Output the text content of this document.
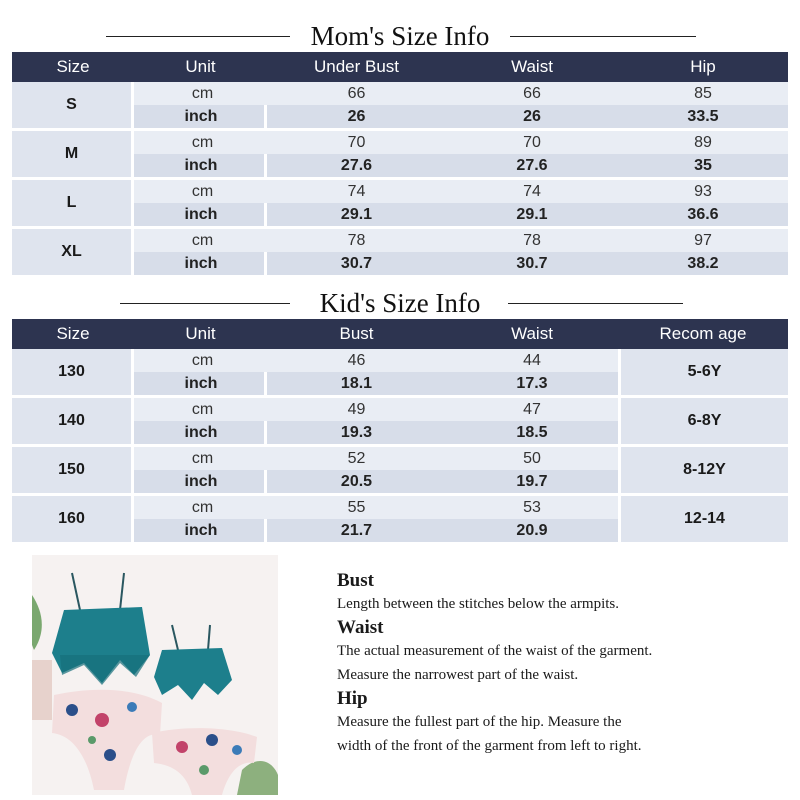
Mom's Size Info
Size	Unit	Under Bust	Waist	Hip
S	cm	66	66	85
	inch	26	26	33.5
M	cm	70	70	89
	inch	27.6	27.6	35
L	cm	74	74	93
	inch	29.1	29.1	36.6
XL	cm	78	78	97
	inch	30.7	30.7	38.2
Kid's Size Info
Size	Unit	Bust	Waist	Recom age
130	cm	46	44	5-6Y
	inch	18.1	17.3	
140	cm	49	47	6-8Y
	inch	19.3	18.5	
150	cm	52	50	8-12Y
	inch	20.5	19.7	
160	cm	55	53	12-14
	inch	21.7	20.9	
Bust
Length between the stitches below the armpits.
Waist
The actual measurement of the waist of the garment.
Measure the narrowest part of the waist.
Hip
Measure the fullest part of the hip. Measure the
width of the front of the garment from left to right.
